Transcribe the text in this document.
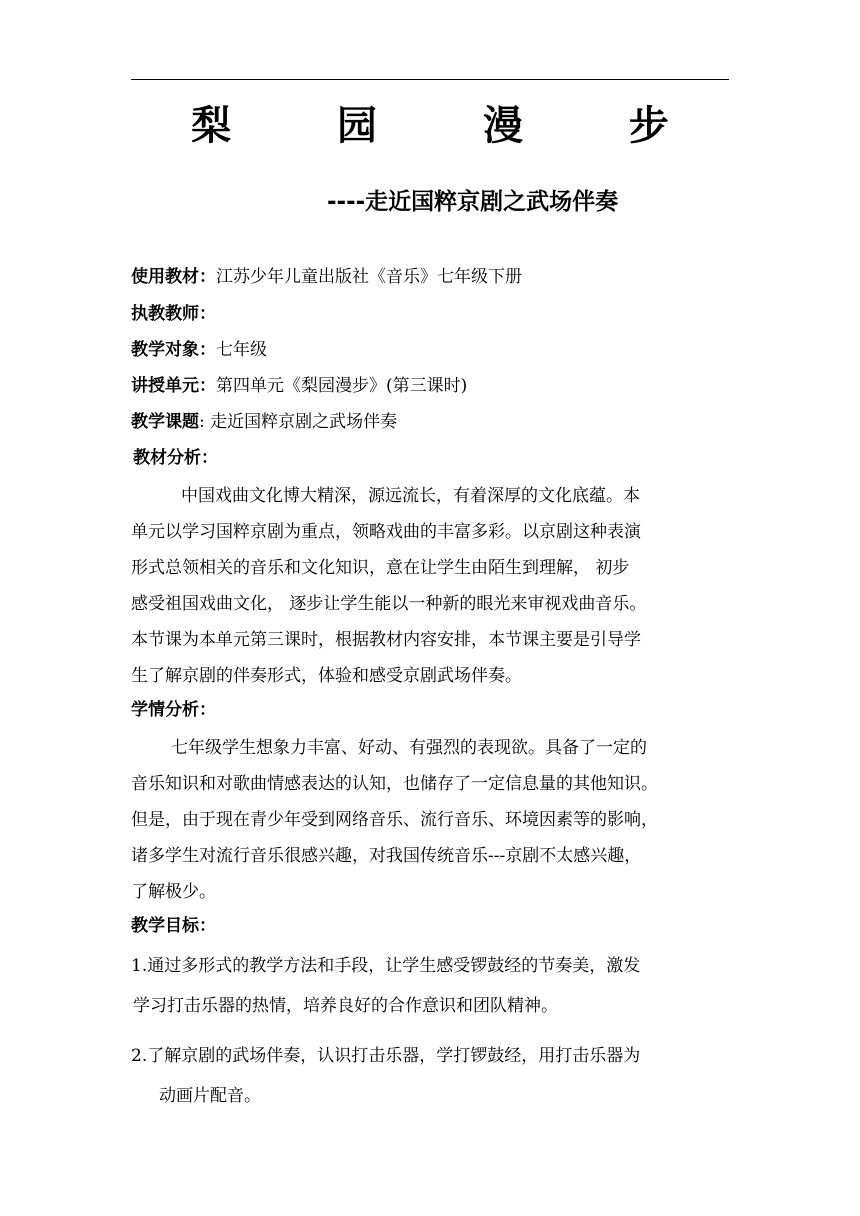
梨 园 漫 步
----走近国粹京剧之武场伴奏
使用教材：江苏少年儿童出版社《音乐》七年级下册
执教教师：
教学对象：七年级
讲授单元：第四单元《梨园漫步》(第三课时)
教学课题: 走近国粹京剧之武场伴奏
教材分析：
中国戏曲文化博大精深，源远流长，有着深厚的文化底蕴。本
单元以学习国粹京剧为重点，领略戏曲的丰富多彩。以京剧这种表演
形式总领相关的音乐和文化知识，意在让学生由陌生到理解， 初步
感受祖国戏曲文化， 逐步让学生能以一种新的眼光来审视戏曲音乐。
本节课为本单元第三课时，根据教材内容安排，本节课主要是引导学
生了解京剧的伴奏形式，体验和感受京剧武场伴奏。
学情分析：
七年级学生想象力丰富、好动、有强烈的表现欲。具备了一定的
音乐知识和对歌曲情感表达的认知，也储存了一定信息量的其他知识。
但是，由于现在青少年受到网络音乐、流行音乐、环境因素等的影响，
诸多学生对流行音乐很感兴趣，对我国传统音乐---京剧不太感兴趣，
了解极少。
教学目标：
1.通过多形式的教学方法和手段，让学生感受锣鼓经的节奏美，激发
学习打击乐器的热情，培养良好的合作意识和团队精神。
2.了解京剧的武场伴奏，认识打击乐器，学打锣鼓经，用打击乐器为
动画片配音。
